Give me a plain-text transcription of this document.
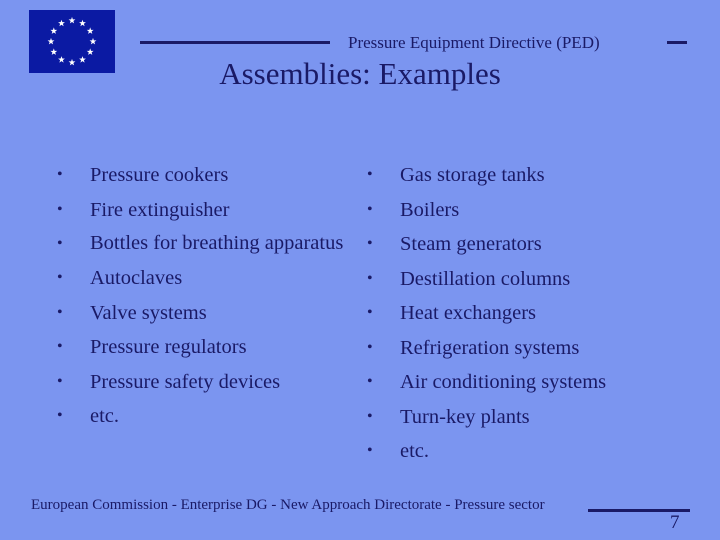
Pressure Equipment Directive (PED)
Assemblies: Examples
• Pressure cookers
• Fire extinguisher
• Bottles for breathing apparatus
• Autoclaves
• Valve systems
• Pressure regulators
• Pressure safety devices
• etc.
• Gas storage tanks
• Boilers
• Steam generators
• Destillation columns
• Heat exchangers
• Refrigeration systems
• Air conditioning systems
• Turn-key plants
• etc.
European Commission - Enterprise DG - New Approach Directorate - Pressure sector
7
